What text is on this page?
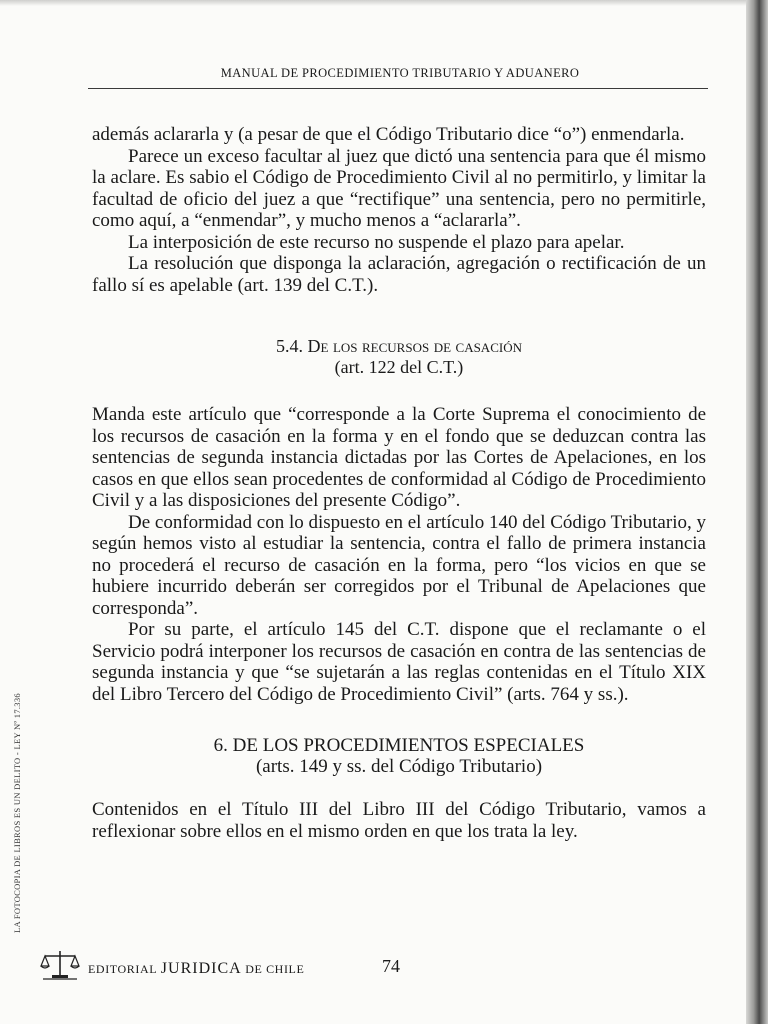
MANUAL DE PROCEDIMIENTO TRIBUTARIO Y ADUANERO

además aclararla y (a pesar de que el Código Tributario dice “o”) enmendarla.

Parece un exceso facultar al juez que dictó una sentencia para que él mismo la aclare. Es sabio el Código de Procedimiento Civil al no permitirlo, y limitar la facultad de oficio del juez a que “rectifique” una sentencia, pero no permitirle, como aquí, a “enmendar”, y mucho menos a “aclararla”.

La interposición de este recurso no suspende el plazo para apelar.

La resolución que disponga la aclaración, agregación o rectificación de un fallo sí es apelable (art. 139 del C.T.).

5.4. De los recursos de casación

(art. 122 del C.T.)

Manda este artículo que “corresponde a la Corte Suprema el conocimiento de los recursos de casación en la forma y en el fondo que se deduzcan contra las sentencias de segunda instancia dictadas por las Cortes de Apelaciones, en los casos en que ellos sean procedentes de conformidad al Código de Procedimiento Civil y a las disposiciones del presente Código”.

De conformidad con lo dispuesto en el artículo 140 del Código Tributario, y según hemos visto al estudiar la sentencia, contra el fallo de primera instancia no procederá el recurso de casación en la forma, pero “los vicios en que se hubiere incurrido deberán ser corregidos por el Tribunal de Apelaciones que corresponda”.

Por su parte, el artículo 145 del C.T. dispone que el reclamante o el Servicio podrá interponer los recursos de casación en contra de las sentencias de segunda instancia y que “se sujetarán a las reglas contenidas en el Título XIX del Libro Tercero del Código de Procedimiento Civil” (arts. 764 y ss.).

6. DE LOS PROCEDIMIENTOS ESPECIALES

(arts. 149 y ss. del Código Tributario)

Contenidos en el Título III del Libro III del Código Tributario, vamos a reflexionar sobre ellos en el mismo orden en que los trata la ley.

LA FOTOCOPIA DE LIBROS ES UN DELITO - LEY Nº 17.336
EDITORIAL JURIDICA DE CHILE	74
